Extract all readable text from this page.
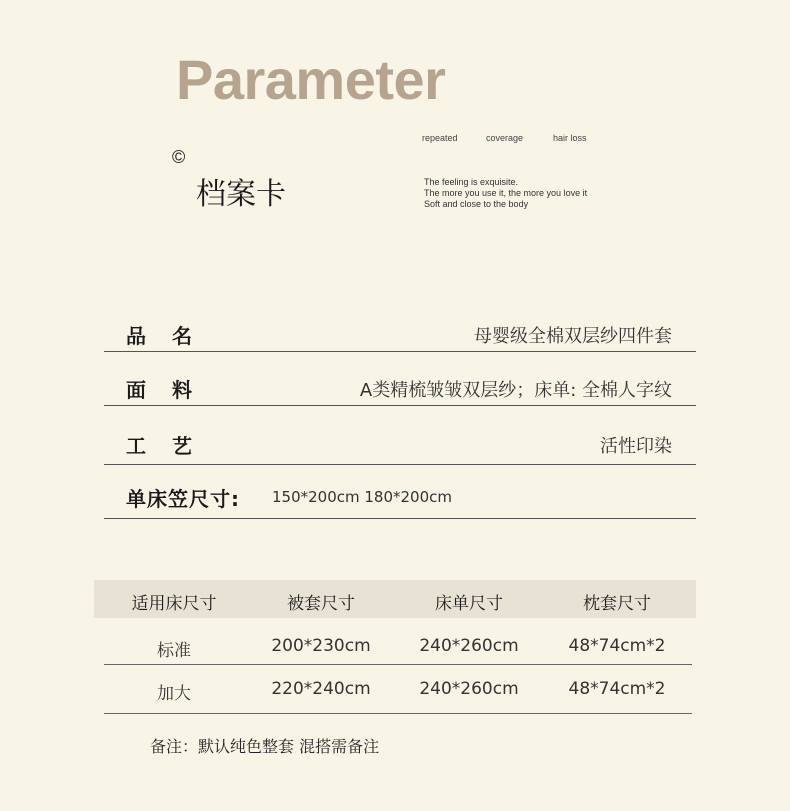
Parameter
©
档案卡
repeated	coverage	hair loss
The feeling is exquisite.
The more you use it, the more you love it
Soft and close to the body
品名	母婴级全棉双层纱四件套
面料	A类精梳皱皱双层纱；床单: 全棉人字纹
工艺	活性印染
单床笠尺寸: 150*200cm 180*200cm
适用床尺寸	被套尺寸	床单尺寸	枕套尺寸
标准	200*230cm	240*260cm	48*74cm*2
加大	220*240cm	240*260cm	48*74cm*2
备注：默认纯色整套 混搭需备注
